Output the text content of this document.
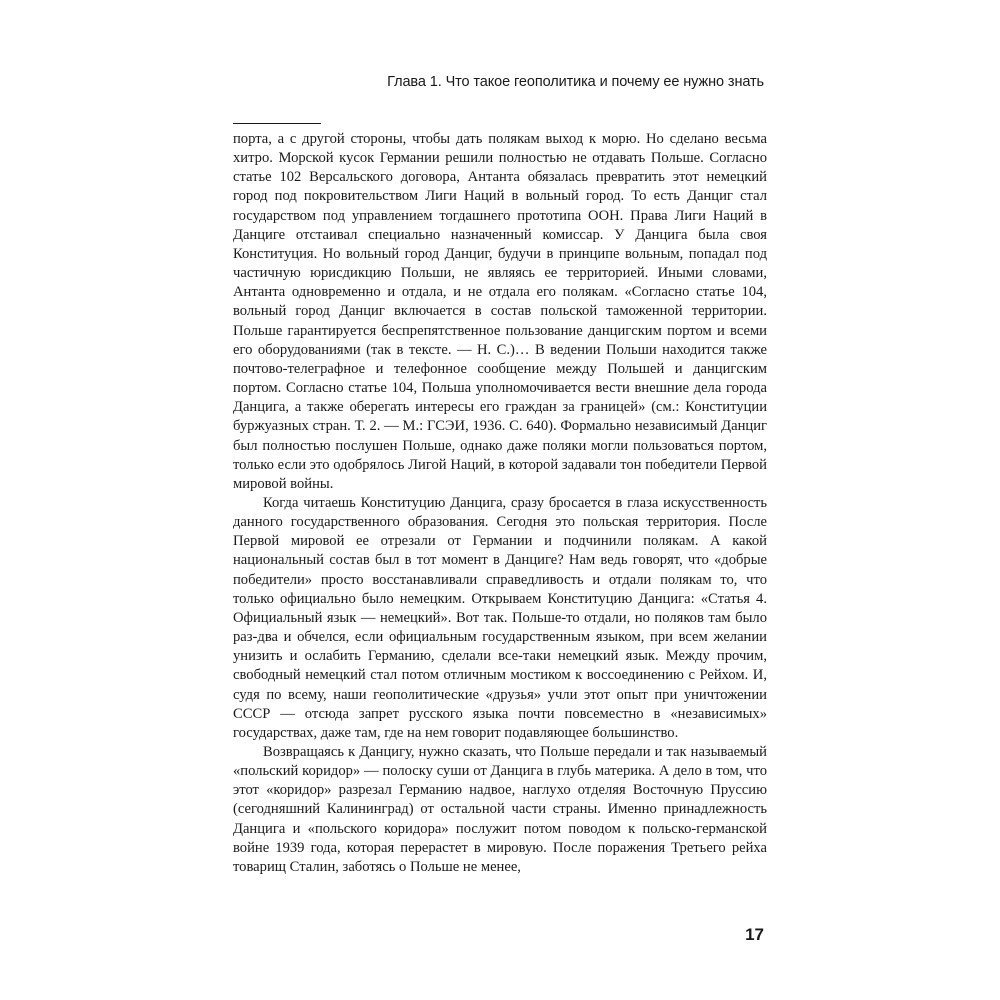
Глава 1. Что такое геополитика и почему ее нужно знать

порта, а с другой стороны, чтобы дать полякам выход к морю. Но сделано весьма хитро. Морской кусок Германии решили полностью не отдавать Польше. Согласно статье 102 Версальского договора, Антанта обязалась превратить этот немецкий город под покровительством Лиги Наций в вольный город. То есть Данциг стал государством под управлением тогдашнего прототипа ООН. Права Лиги Наций в Данциге отстаивал специально назначенный комиссар. У Данцига была своя Конституция. Но вольный город Данциг, будучи в принципе вольным, попадал под частичную юрисдикцию Польши, не являясь ее территорией. Иными словами, Антанта одновременно и отдала, и не отдала его полякам. «Согласно статье 104, вольный город Данциг включается в состав польской таможенной территории. Польше гарантируется беспрепятственное пользование данцигским портом и всеми его оборудованиями (так в тексте. — Н. С.)… В ведении Польши находится также почтово-телеграфное и телефонное сообщение между Польшей и данцигским портом. Согласно статье 104, Польша уполномочивается вести внешние дела города Данцига, а также оберегать интересы его граждан за границей» (см.: Конституции буржуазных стран. Т. 2. — М.: ГСЭИ, 1936. С. 640). Формально независимый Данциг был полностью послушен Польше, однако даже поляки могли пользоваться портом, только если это одобрялось Лигой Наций, в которой задавали тон победители Первой мировой войны.

Когда читаешь Конституцию Данцига, сразу бросается в глаза искусственность данного государственного образования. Сегодня это польская территория. После Первой мировой ее отрезали от Германии и подчинили полякам. А какой национальный состав был в тот момент в Данциге? Нам ведь говорят, что «добрые победители» просто восстанавливали справедливость и отдали полякам то, что только официально было немецким. Открываем Конституцию Данцига: «Статья 4. Официальный язык — немецкий». Вот так. Польше-то отдали, но поляков там было раз-два и обчелся, если официальным государственным языком, при всем желании унизить и ослабить Германию, сделали все-таки немецкий язык. Между прочим, свободный немецкий стал потом отличным мостиком к воссоединению с Рейхом. И, судя по всему, наши геополитические «друзья» учли этот опыт при уничтожении СССР — отсюда запрет русского языка почти повсеместно в «независимых» государствах, даже там, где на нем говорит подавляющее большинство.

Возвращаясь к Данцигу, нужно сказать, что Польше передали и так называемый «польский коридор» — полоску суши от Данцига в глубь материка. А дело в том, что этот «коридор» разрезал Германию надвое, наглухо отделяя Восточную Пруссию (сегодняшний Калининград) от остальной части страны. Именно принадлежность Данцига и «польского коридора» послужит потом поводом к польско-германской войне 1939 года, которая перерастет в мировую. После поражения Третьего рейха товарищ Сталин, заботясь о Польше не менее,

17
